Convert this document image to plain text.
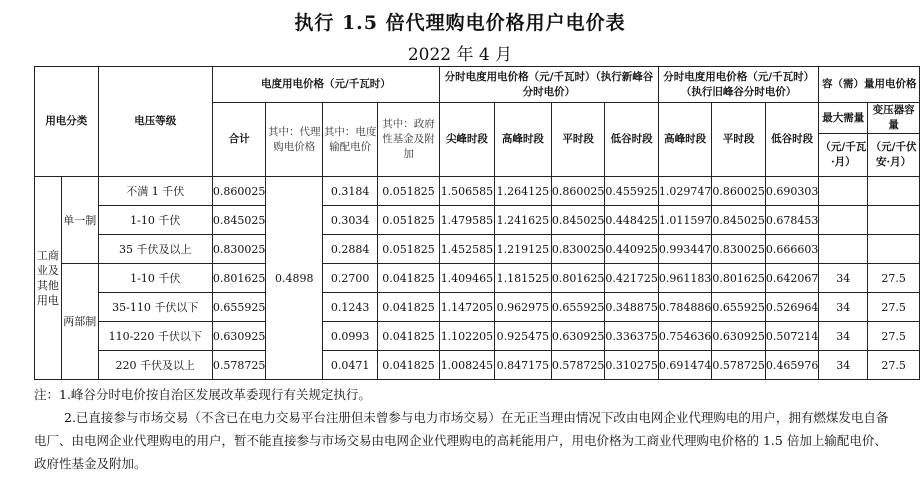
执行 1.5 倍代理购电价格用户电价表
2022 年 4 月
用电分类		电压等级	电度用电价格（元/千瓦时）				分时电度用电价格（元/千瓦时）（执行新峰谷分时电价）				分时电度用电价格（元/千瓦时）（执行旧峰谷分时电价）			容（需）量用电价格	
			合计	其中：代理购电价格	其中：电度输配电价	其中：政府性基金及附加	尖峰时段	高峰时段	平时段	低谷时段	高峰时段	平时段	低谷时段	最大需量	变压器容量
														（元/千瓦·月）	（元/千伏安·月）
工商业及其他用电	单一制	不满 1 千伏	0.860025	0.4898	0.3184	0.051825	1.506585	1.264125	0.860025	0.455925	1.029747	0.860025	0.690303		
		1-10 千伏	0.845025		0.3034	0.051825	1.479585	1.241625	0.845025	0.448425	1.011597	0.845025	0.678453		
		35 千伏及以上	0.830025		0.2884	0.051825	1.452585	1.219125	0.830025	0.440925	0.993447	0.830025	0.666603		
	两部制	1-10 千伏	0.801625		0.2700	0.041825	1.409465	1.181525	0.801625	0.421725	0.961183	0.801625	0.642067	34	27.5
		35-110 千伏以下	0.655925		0.1243	0.041825	1.147205	0.962975	0.655925	0.348875	0.784886	0.655925	0.526964	34	27.5
		110-220 千伏以下	0.630925		0.0993	0.041825	1.102205	0.925475	0.630925	0.336375	0.754636	0.630925	0.507214	34	27.5
		220 千伏及以上	0.578725		0.0471	0.041825	1.008245	0.847175	0.578725	0.310275	0.691474	0.578725	0.465976	34	27.5

注：1.峰谷分时电价按自治区发展改革委现行有关规定执行。

2.已直接参与市场交易（不含已在电力交易平台注册但未曾参与电力市场交易）在无正当理由情况下改由电网企业代理购电的用户，拥有燃煤发电自备电厂、由电网企业代理购电的用户，暂不能直接参与市场交易由电网企业代理购电的高耗能用户，用电价格为工商业代理购电价格的 1.5 倍加上输配电价、政府性基金及附加。
